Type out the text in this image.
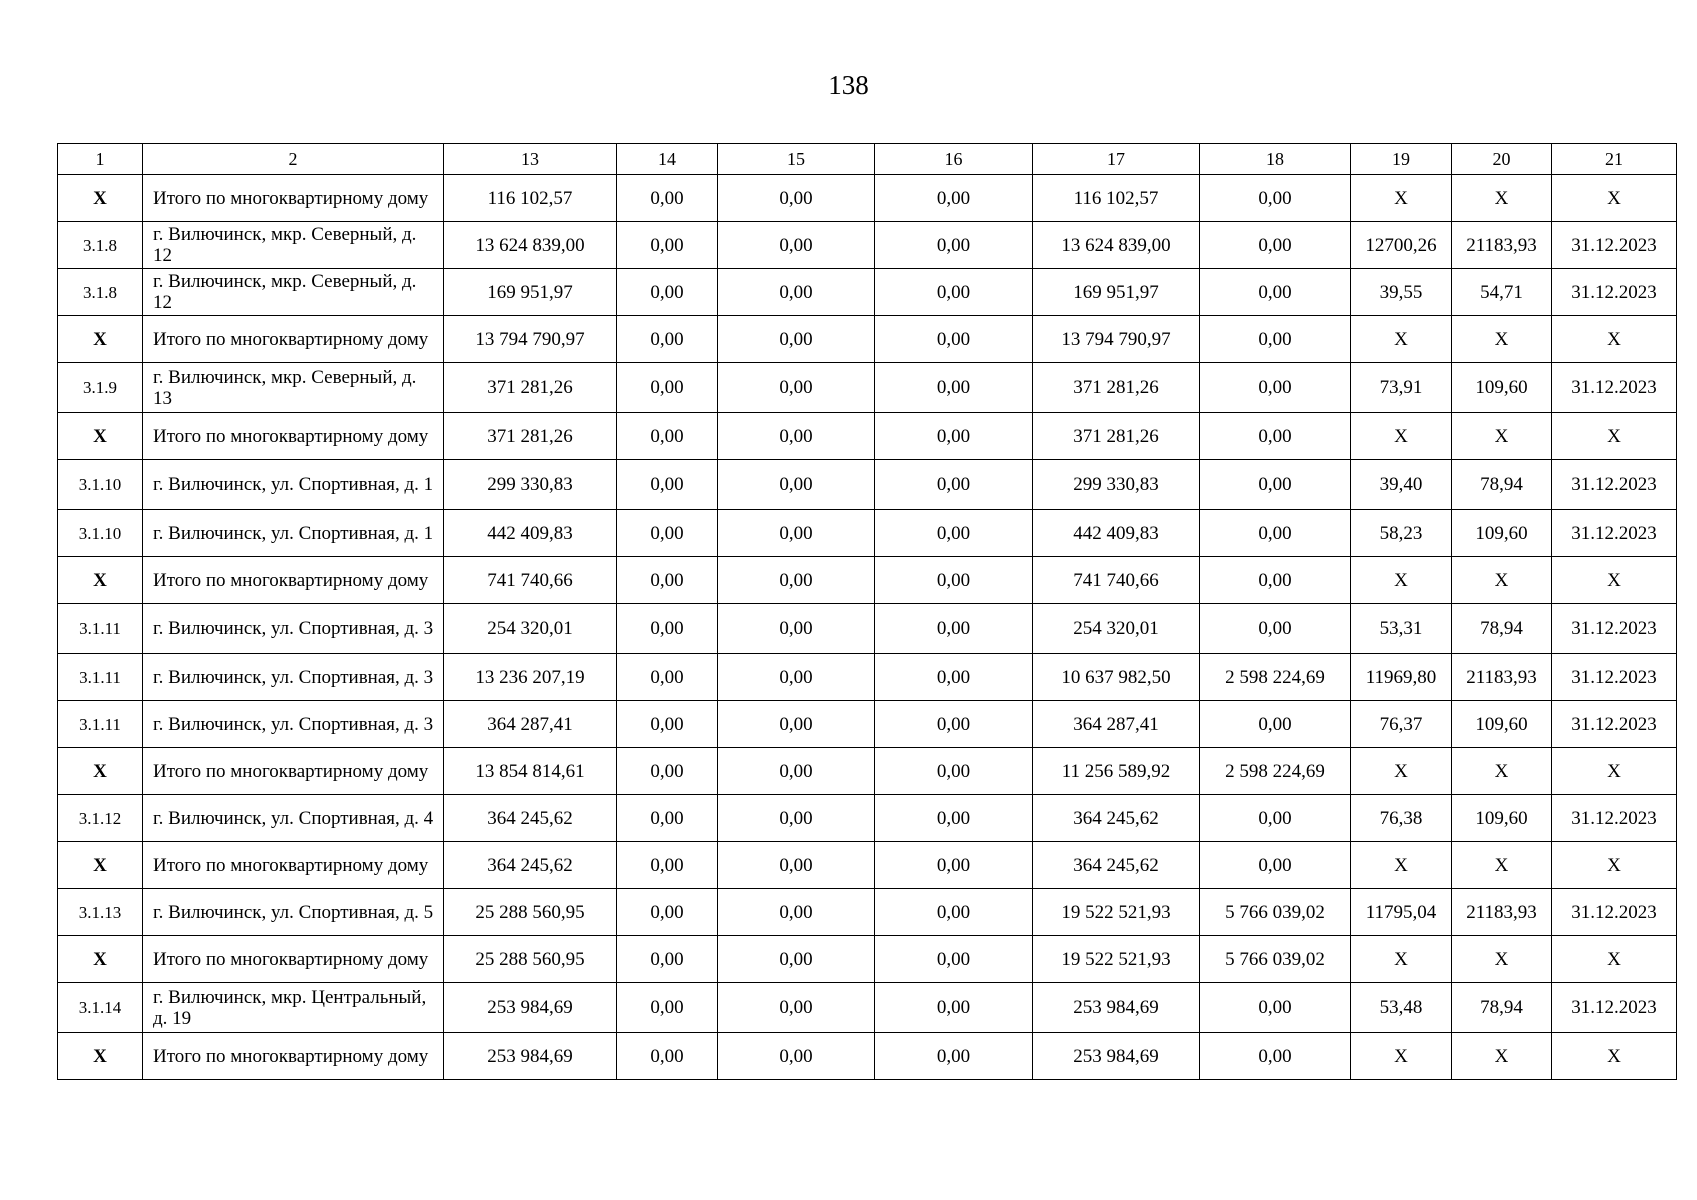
138
1	2	13	14	15	16	17	18	19	20	21
X	Итого по многоквартирному дому	116 102,57	0,00	0,00	0,00	116 102,57	0,00	X	X	X
3.1.8	г. Вилючинск, мкр. Северный, д. 12	13 624 839,00	0,00	0,00	0,00	13 624 839,00	0,00	12700,26	21183,93	31.12.2023
3.1.8	г. Вилючинск, мкр. Северный, д. 12	169 951,97	0,00	0,00	0,00	169 951,97	0,00	39,55	54,71	31.12.2023
X	Итого по многоквартирному дому	13 794 790,97	0,00	0,00	0,00	13 794 790,97	0,00	X	X	X
3.1.9	г. Вилючинск, мкр. Северный, д. 13	371 281,26	0,00	0,00	0,00	371 281,26	0,00	73,91	109,60	31.12.2023
X	Итого по многоквартирному дому	371 281,26	0,00	0,00	0,00	371 281,26	0,00	X	X	X
3.1.10	г. Вилючинск, ул. Спортивная, д. 1	299 330,83	0,00	0,00	0,00	299 330,83	0,00	39,40	78,94	31.12.2023
3.1.10	г. Вилючинск, ул. Спортивная, д. 1	442 409,83	0,00	0,00	0,00	442 409,83	0,00	58,23	109,60	31.12.2023
X	Итого по многоквартирному дому	741 740,66	0,00	0,00	0,00	741 740,66	0,00	X	X	X
3.1.11	г. Вилючинск, ул. Спортивная, д. 3	254 320,01	0,00	0,00	0,00	254 320,01	0,00	53,31	78,94	31.12.2023
3.1.11	г. Вилючинск, ул. Спортивная, д. 3	13 236 207,19	0,00	0,00	0,00	10 637 982,50	2 598 224,69	11969,80	21183,93	31.12.2023
3.1.11	г. Вилючинск, ул. Спортивная, д. 3	364 287,41	0,00	0,00	0,00	364 287,41	0,00	76,37	109,60	31.12.2023
X	Итого по многоквартирному дому	13 854 814,61	0,00	0,00	0,00	11 256 589,92	2 598 224,69	X	X	X
3.1.12	г. Вилючинск, ул. Спортивная, д. 4	364 245,62	0,00	0,00	0,00	364 245,62	0,00	76,38	109,60	31.12.2023
X	Итого по многоквартирному дому	364 245,62	0,00	0,00	0,00	364 245,62	0,00	X	X	X
3.1.13	г. Вилючинск, ул. Спортивная, д. 5	25 288 560,95	0,00	0,00	0,00	19 522 521,93	5 766 039,02	11795,04	21183,93	31.12.2023
X	Итого по многоквартирному дому	25 288 560,95	0,00	0,00	0,00	19 522 521,93	5 766 039,02	X	X	X
3.1.14	г. Вилючинск, мкр. Центральный, д. 19	253 984,69	0,00	0,00	0,00	253 984,69	0,00	53,48	78,94	31.12.2023
X	Итого по многоквартирному дому	253 984,69	0,00	0,00	0,00	253 984,69	0,00	X	X	X
